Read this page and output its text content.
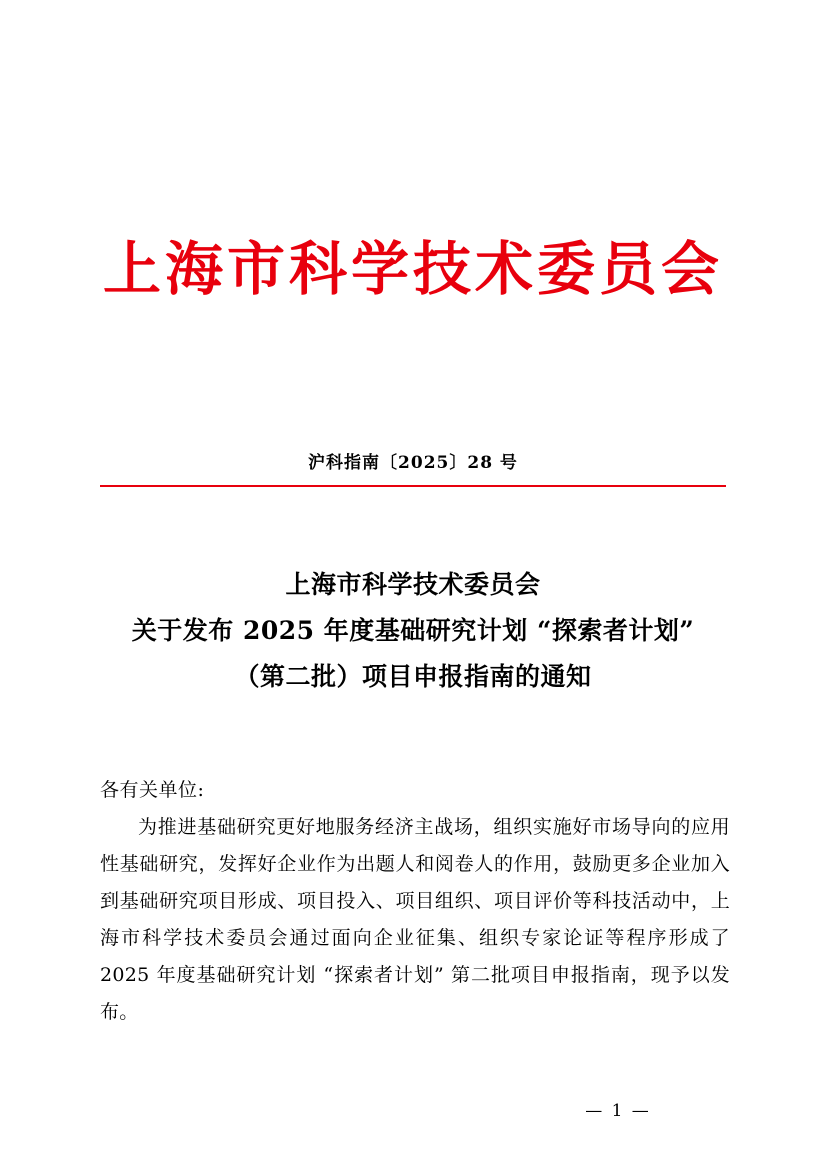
上海市科学技术委员会
沪科指南〔2025〕28 号
上海市科学技术委员会
关于发布 2025 年度基础研究计划 “探索者计划”
（第二批）项目申报指南的通知
各有关单位:
为推进基础研究更好地服务经济主战场，组织实施好市场导向的应用性基础研究，发挥好企业作为出题人和阅卷人的作用，鼓励更多企业加入到基础研究项目形成、项目投入、项目组织、项目评价等科技活动中，上海市科学技术委员会通过面向企业征集、组织专家论证等程序形成了 2025 年度基础研究计划 “探索者计划” 第二批项目申报指南，现予以发布。
— 1 —
